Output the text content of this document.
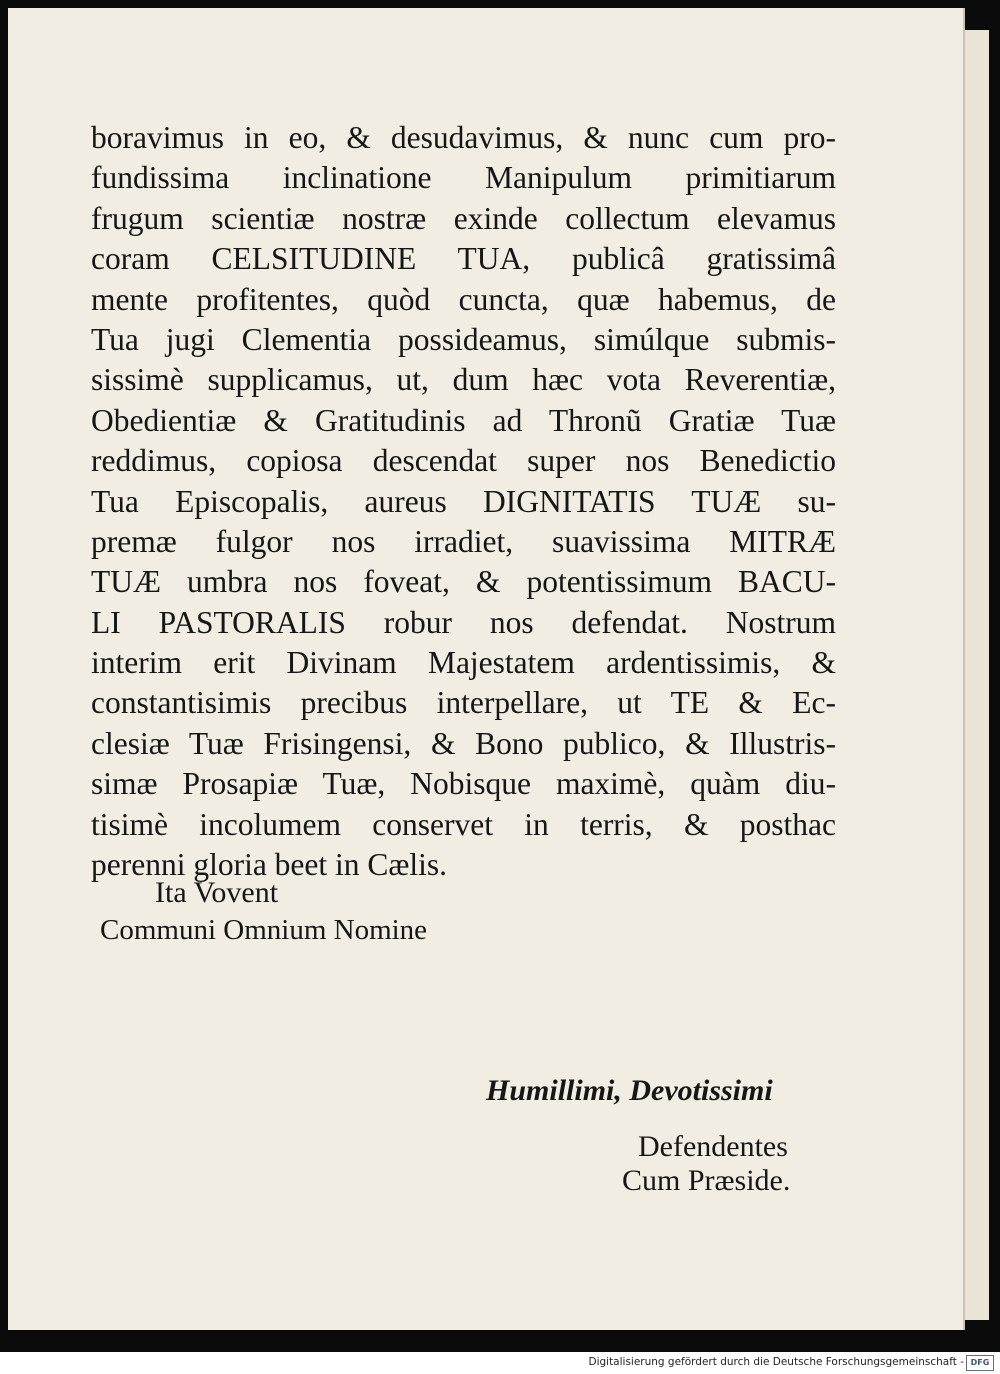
boravimus in eo, & desudavimus, & nunc cum pro-
fundissima inclinatione Manipulum primitiarum
frugum scientiæ nostræ exinde collectum elevamus
coram CELSITUDINE TUA, publicâ gratissimâ
mente profitentes, quòd cuncta, quæ habemus, de
Tua jugi Clementia possideamus, simúlque submis-
sissimè supplicamus, ut, dum hæc vota Reverentiæ,
Obedientiæ & Gratitudinis ad Thronũ Gratiæ Tuæ
reddimus, copiosa descendat super nos Benedictio
Tua Episcopalis, aureus DIGNITATIS TUÆ su-
premæ fulgor nos irradiet, suavissima MITRÆ
TUÆ umbra nos foveat, & potentissimum BACU-
LI PASTORALIS robur nos defendat. Nostrum
interim erit Divinam Majestatem ardentissimis, &
constantisimis precibus interpellare, ut TE & Ec-
clesiæ Tuæ Frisingensi, & Bono publico, & Illustris-
simæ Prosapiæ Tuæ, Nobisque maximè, quàm diu-
tisimè incolumem conservet in terris, & posthac
perenni gloria beet in Cælis.

Ita Vovent

Communi Omnium Nomine

Humillimi, Devotissimi

Defendentes

Cum Præside.

Digitalisierung gefördert durch die Deutsche Forschungsgemeinschaft - DFG
